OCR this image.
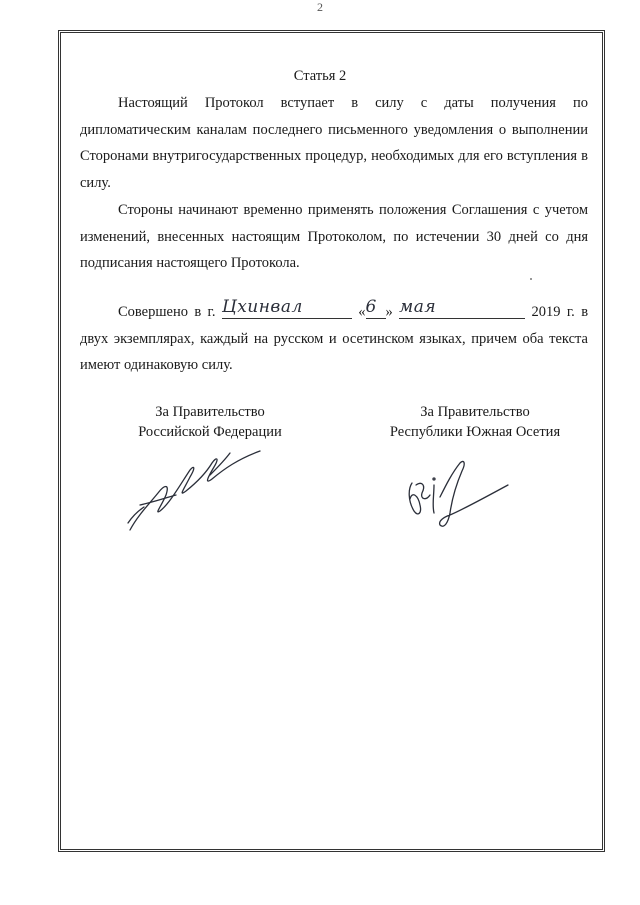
2
Статья 2

Настоящий Протокол вступает в силу с даты получения по дипломатическим каналам последнего письменного уведомления о выполнении Сторонами внутригосударственных процедур, необходимых для его вступления в силу.

Стороны начинают временно применять положения Соглашения с учетом изменений, внесенных настоящим Протоколом, по истечении 30 дней со дня подписания настоящего Протокола.

Совершено в г. Цхинвал	«6 » мая	2019 г. в двух экземплярах, каждый на русском и осетинском языках, причем оба текста имеют одинаковую силу.

За Правительство
Российской Федерации
За Правительство
Республики Южная Осетия
